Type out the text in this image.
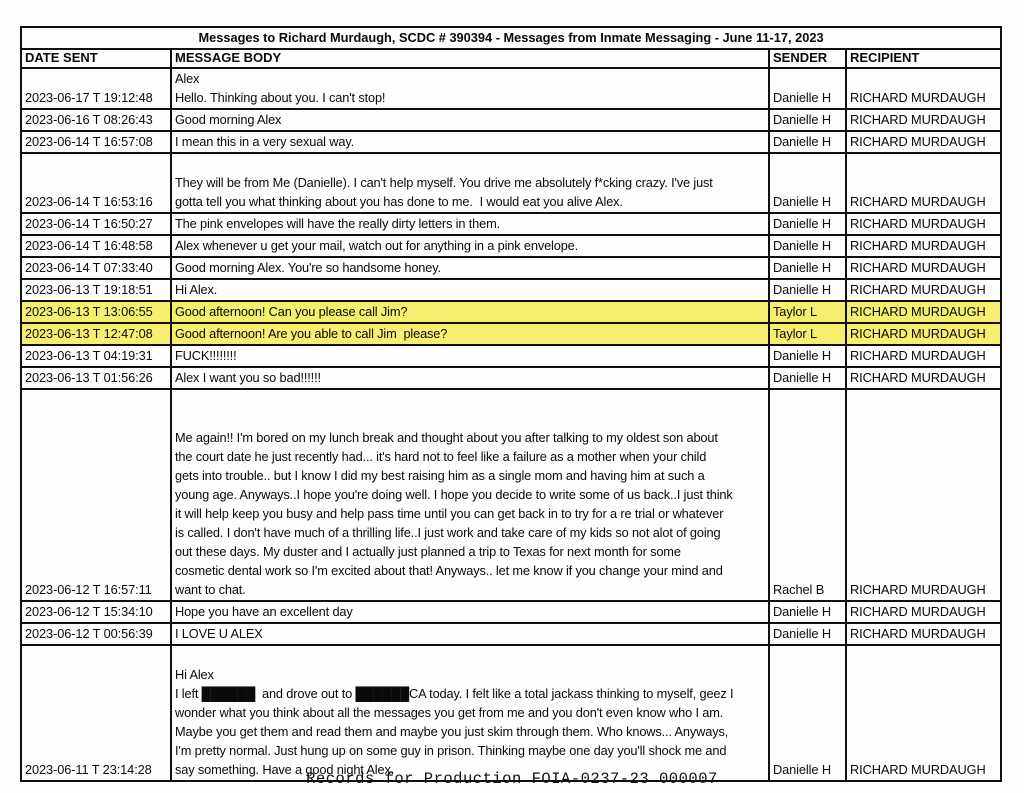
Messages to Richard Murdaugh, SCDC # 390394 - Messages from Inmate Messaging - June 11-17, 2023			
DATE SENT	MESSAGE BODY	SENDER	RECIPIENT
2023-06-17 T 19:12:48	Alex
Hello. Thinking about you. I can't stop!	Danielle H	RICHARD MURDAUGH
2023-06-16 T 08:26:43	Good morning Alex	Danielle H	RICHARD MURDAUGH
2023-06-14 T 16:57:08	I mean this in a very sexual way.	Danielle H	RICHARD MURDAUGH
2023-06-14 T 16:53:16	They will be from Me (Danielle). I can't help myself. You drive me absolutely f*cking crazy. I've just
gotta tell you what thinking about you has done to me.  I would eat you alive Alex.	Danielle H	RICHARD MURDAUGH
2023-06-14 T 16:50:27	The pink envelopes will have the really dirty letters in them.	Danielle H	RICHARD MURDAUGH
2023-06-14 T 16:48:58	Alex whenever u get your mail, watch out for anything in a pink envelope.	Danielle H	RICHARD MURDAUGH
2023-06-14 T 07:33:40	Good morning Alex. You're so handsome honey.	Danielle H	RICHARD MURDAUGH
2023-06-13 T 19:18:51	Hi Alex.	Danielle H	RICHARD MURDAUGH
2023-06-13 T 13:06:55	Good afternoon! Can you please call Jim?	Taylor L	RICHARD MURDAUGH
2023-06-13 T 12:47:08	Good afternoon! Are you able to call Jim  please?	Taylor L	RICHARD MURDAUGH
2023-06-13 T 04:19:31	FUCK!!!!!!!!	Danielle H	RICHARD MURDAUGH
2023-06-13 T 01:56:26	Alex I want you so bad!!!!!!	Danielle H	RICHARD MURDAUGH
2023-06-12 T 16:57:11	
Me again!! I'm bored on my lunch break and thought about you after talking to my oldest son about
the court date he just recently had... it's hard not to feel like a failure as a mother when your child
gets into trouble.. but I know I did my best raising him as a single mom and having him at such a
young age. Anyways..I hope you're doing well. I hope you decide to write some of us back..I just think
it will help keep you busy and help pass time until you can get back in to try for a re trial or whatever
is called. I don't have much of a thrilling life..I just work and take care of my kids so not alot of going
out these days. My duster and I actually just planned a trip to Texas for next month for some
cosmetic dental work so I'm excited about that! Anyways.. let me know if you change your mind and
want to chat.	Rachel B	RICHARD MURDAUGH
2023-06-12 T 15:34:10	Hope you have an excellent day	Danielle H	RICHARD MURDAUGH
2023-06-12 T 00:56:39	I LOVE U ALEX	Danielle H	RICHARD MURDAUGH
2023-06-11 T 23:14:28	
Hi Alex
I left ██████  and drove out to ██████CA today. I felt like a total jackass thinking to myself, geez I
wonder what you think about all the messages you get from me and you don't even know who I am.
Maybe you get them and read them and maybe you just skim through them. Who knows... Anyways,
I'm pretty normal. Just hung up on some guy in prison. Thinking maybe one day you'll shock me and
say something. Have a good night Alex.	Danielle H	RICHARD MURDAUGH
Records for Production FOIA-0237-23 000007
